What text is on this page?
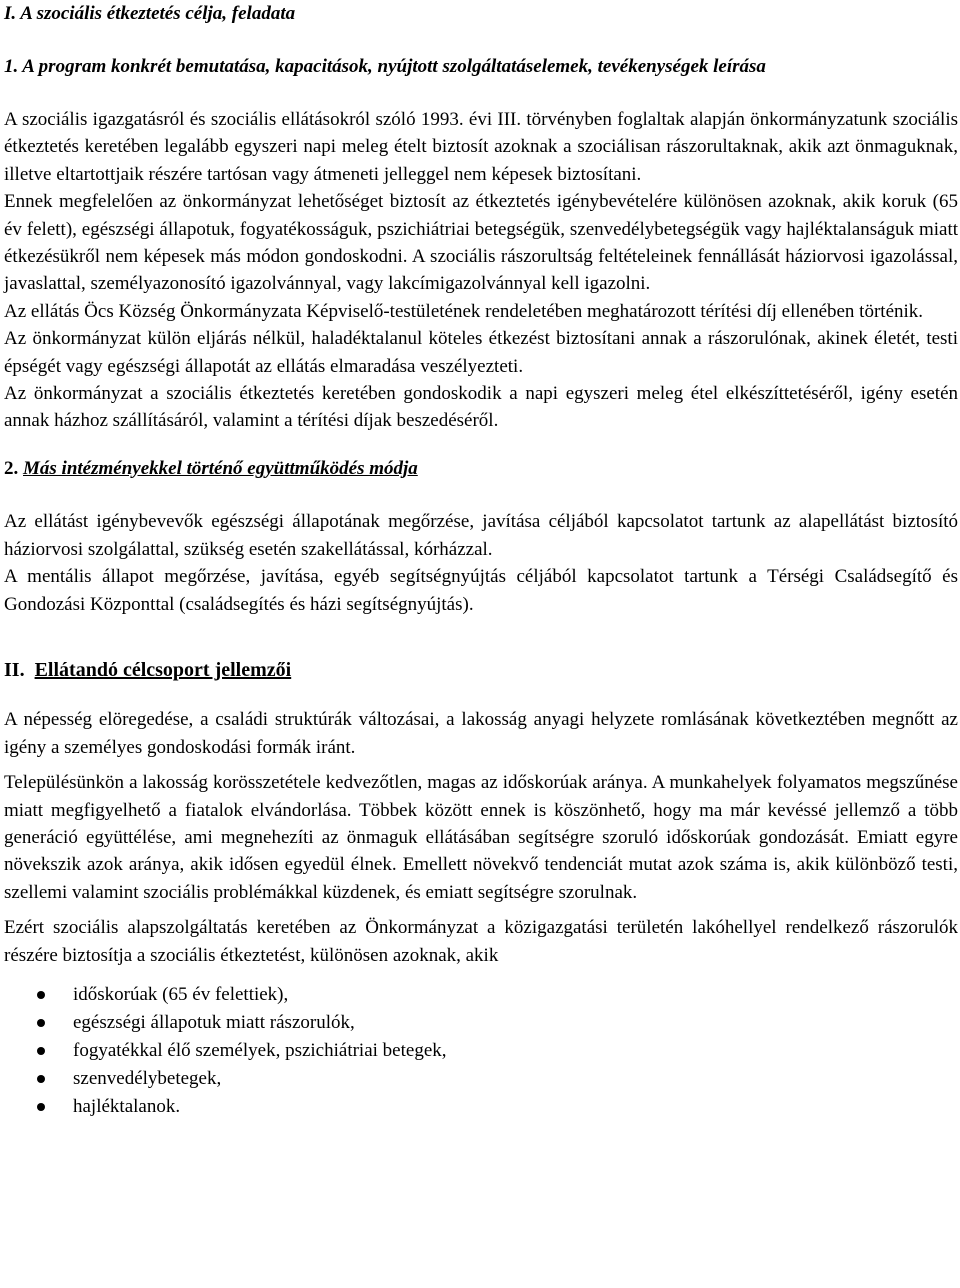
I. A szociális étkeztetés célja, feladata

1. A program konkrét bemutatása, kapacitások, nyújtott szolgáltatáselemek, tevékenységek leírása

A szociális igazgatásról és szociális ellátásokról szóló 1993. évi III. törvényben foglaltak alapján önkormányzatunk szociális étkeztetés keretében legalább egyszeri napi meleg ételt biztosít azoknak a szociálisan rászorultaknak, akik azt önmaguknak, illetve eltartottjaik részére tartósan vagy átmeneti jelleggel nem képesek biztosítani.

Ennek megfelelően az önkormányzat lehetőséget biztosít az étkeztetés igénybevételére különösen azoknak, akik koruk (65 év felett), egészségi állapotuk, fogyatékosságuk, pszichiátriai betegségük, szenvedélybetegségük vagy hajléktalanságuk miatt étkezésükről nem képesek más módon gondoskodni. A szociális rászorultság feltételeinek fennállását háziorvosi igazolással, javaslattal, személyazonosító igazolvánnyal, vagy lakcímigazolvánnyal kell igazolni.

Az ellátás Öcs Község Önkormányzata Képviselő-testületének rendeletében meghatározott térítési díj ellenében történik.

Az önkormányzat külön eljárás nélkül, haladéktalanul köteles étkezést biztosítani annak a rászorulónak, akinek életét, testi épségét vagy egészségi állapotát az ellátás elmaradása veszélyezteti.

Az önkormányzat a szociális étkeztetés keretében gondoskodik a napi egyszeri meleg étel elkészíttetéséről, igény esetén annak házhoz szállításáról, valamint a térítési díjak beszedéséről.

2. Más intézményekkel történő együttműködés módja

Az ellátást igénybevevők egészségi állapotának megőrzése, javítása céljából kapcsolatot tartunk az alapellátást biztosító háziorvosi szolgálattal, szükség esetén szakellátással, kórházzal.

A mentális állapot megőrzése, javítása, egyéb segítségnyújtás céljából kapcsolatot tartunk a Térségi Családsegítő és Gondozási Központtal (családsegítés és házi segítségnyújtás).

II. Ellátandó célcsoport jellemzői

A népesség elöregedése, a családi struktúrák változásai, a lakosság anyagi helyzete romlásának következtében megnőtt az igény a személyes gondoskodási formák iránt.

Településünkön a lakosság korösszetétele kedvezőtlen, magas az időskorúak aránya. A munkahelyek folyamatos megszűnése miatt megfigyelhető a fiatalok elvándorlása. Többek között ennek is köszönhető, hogy ma már kevéssé jellemző a több generáció együttélése, ami megnehezíti az önmaguk ellátásában segítségre szoruló időskorúak gondozását. Emiatt egyre növekszik azok aránya, akik idősen egyedül élnek. Emellett növekvő tendenciát mutat azok száma is, akik különböző testi, szellemi valamint szociális problémákkal küzdenek, és emiatt segítségre szorulnak.

Ezért szociális alapszolgáltatás keretében az Önkormányzat a közigazgatási területén lakóhellyel rendelkező rászorulók részére biztosítja a szociális étkeztetést, különösen azoknak, akik

időskorúak (65 év felettiek),
egészségi állapotuk miatt rászorulók,
fogyatékkal élő személyek, pszichiátriai betegek,
szenvedélybetegek,
hajléktalanok.
